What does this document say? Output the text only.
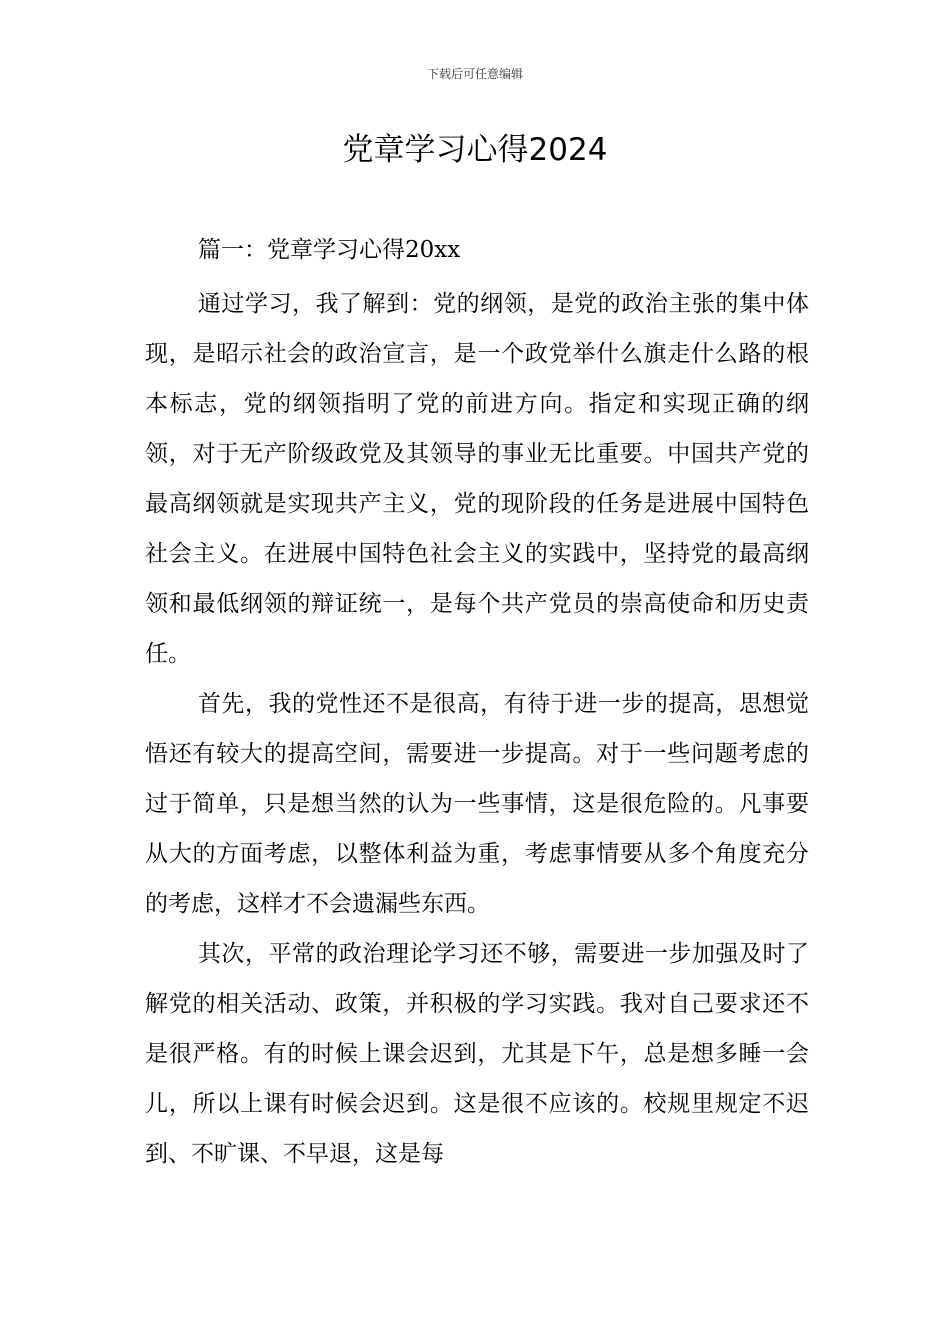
下载后可任意编辑
党章学习心得2024

篇一：党章学习心得20xx

通过学习，我了解到：党的纲领，是党的政治主张的集中体现，是昭示社会的政治宣言，是一个政党举什么旗走什么路的根本标志，党的纲领指明了党的前进方向。指定和实现正确的纲领，对于无产阶级政党及其领导的事业无比重要。中国共产党的最高纲领就是实现共产主义，党的现阶段的任务是进展中国特色社会主义。在进展中国特色社会主义的实践中，坚持党的最高纲领和最低纲领的辩证统一，是每个共产党员的崇高使命和历史责任。

首先，我的党性还不是很高，有待于进一步的提高，思想觉悟还有较大的提高空间，需要进一步提高。对于一些问题考虑的过于简单，只是想当然的认为一些事情，这是很危险的。凡事要从大的方面考虑，以整体利益为重，考虑事情要从多个角度充分的考虑，这样才不会遗漏些东西。

其次，平常的政治理论学习还不够，需要进一步加强及时了解党的相关活动、政策，并积极的学习实践。我对自己要求还不是很严格。有的时候上课会迟到，尤其是下午，总是想多睡一会儿，所以上课有时候会迟到。这是很不应该的。校规里规定不迟到、不旷课、不早退，这是每
